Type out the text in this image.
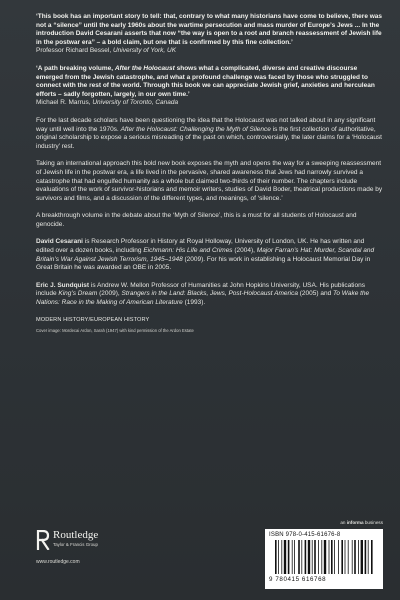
‘This book has an important story to tell: that, contrary to what many historians have come to believe, there was not a “silence” until the early 1960s about the wartime persecution and mass murder of Europe’s Jews ... In the introduction David Cesarani asserts that now “the way is open to a root and branch reassessment of Jewish life in the postwar era” – a bold claim, but one that is confirmed by this fine collection.’
Professor Richard Bessel, University of York, UK

‘A path breaking volume, After the Holocaust shows what a complicated, diverse and creative discourse emerged from the Jewish catastrophe, and what a profound challenge was faced by those who struggled to connect with the rest of the world. Through this book we can appreciate Jewish grief, anxieties and herculean efforts – sadly forgotten, largely, in our own time.’
Michael R. Marrus, University of Toronto, Canada

For the last decade scholars have been questioning the idea that the Holocaust was not talked about in any significant way until well into the 1970s. After the Holocaust: Challenging the Myth of Silence is the first collection of authoritative, original scholarship to expose a serious misreading of the past on which, controversially, the later claims for a ‘Holocaust industry’ rest.

Taking an international approach this bold new book exposes the myth and opens the way for a sweeping reassessment of Jewish life in the postwar era, a life lived in the pervasive, shared awareness that Jews had narrowly survived a catastrophe that had engulfed humanity as a whole but claimed two-thirds of their number. The chapters include evaluations of the work of survivor-historians and memoir writers, studies of David Boder, theatrical productions made by survivors and films, and a discussion of the different types, and meanings, of ‘silence.’

A breakthrough volume in the debate about the ‘Myth of Silence’, this is a must for all students of Holocaust and genocide.

David Cesarani is Research Professor in History at Royal Holloway, University of London, UK. He has written and edited over a dozen books, including Eichmann: His Life and Crimes (2004), Major Farran’s Hat: Murder, Scandal and Britain’s War Against Jewish Terrorism, 1945–1948 (2009). For his work in establishing a Holocaust Memorial Day in Great Britain he was awarded an OBE in 2005.

Eric J. Sundquist is Andrew W. Mellon Professor of Humanities at John Hopkins University, USA. His publications include King’s Dream (2009), Strangers in the Land: Blacks, Jews, Post-Holocaust America (2005) and To Wake the Nations: Race in the Making of American Literature (1993).

MODERN HISTORY/EUROPEAN HISTORY
Cover image: Mordecai Ardon, Sarah (1947) with kind permission of the Ardon Estate
Routledge
Taylor & Francis Group
www.routledge.com
an informa business
ISBN 978-0-415-61676-8
9 780415 616768
